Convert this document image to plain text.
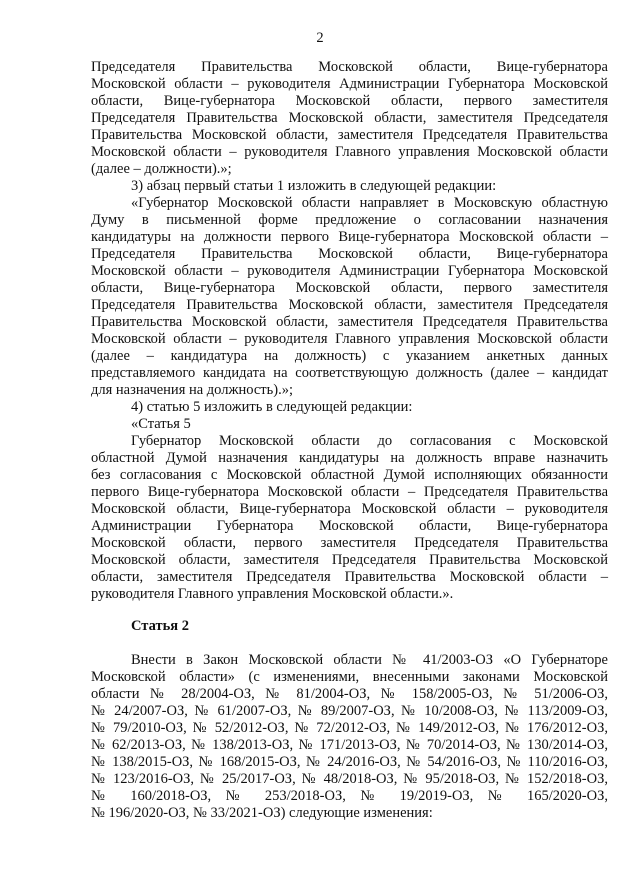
2
Председателя Правительства Московской области, Вице-губернатора
Московской области – руководителя Администрации Губернатора Московской
области, Вице-губернатора Московской области, первого заместителя
Председателя Правительства Московской области, заместителя Председателя
Правительства Московской области, заместителя Председателя Правительства
Московской области – руководителя Главного управления Московской области
(далее – должности).»;
3) абзац первый статьи 1 изложить в следующей редакции:
«Губернатор Московской области направляет в Московскую областную
Думу в письменной форме предложение о согласовании назначения
кандидатуры на должности первого Вице-губернатора Московской области –
Председателя Правительства Московской области, Вице-губернатора
Московской области – руководителя Администрации Губернатора Московской
области, Вице-губернатора Московской области, первого заместителя
Председателя Правительства Московской области, заместителя Председателя
Правительства Московской области, заместителя Председателя Правительства
Московской области – руководителя Главного управления Московской области
(далее – кандидатура на должность) с указанием анкетных данных
представляемого кандидата на соответствующую должность (далее – кандидат
для назначения на должность).»;
4) статью 5 изложить в следующей редакции:
«Статья 5
Губернатор Московской области до согласования с Московской
областной Думой назначения кандидатуры на должность вправе назначить
без согласования с Московской областной Думой исполняющих обязанности
первого Вице-губернатора Московской области – Председателя Правительства
Московской области, Вице-губернатора Московской области – руководителя
Администрации Губернатора Московской области, Вице-губернатора
Московской области, первого заместителя Председателя Правительства
Московской области, заместителя Председателя Правительства Московской
области, заместителя Председателя Правительства Московской области –
руководителя Главного управления Московской области.».
Статья 2
Внести в Закон Московской области № 41/2003-ОЗ «О Губернаторе
Московской области» (с изменениями, внесенными законами Московской
области № 28/2004-ОЗ, № 81/2004-ОЗ, № 158/2005-ОЗ, № 51/2006-ОЗ,
№ 24/2007-ОЗ, № 61/2007-ОЗ, № 89/2007-ОЗ, № 10/2008-ОЗ, № 113/2009-ОЗ,
№ 79/2010-ОЗ, № 52/2012-ОЗ, № 72/2012-ОЗ, № 149/2012-ОЗ, № 176/2012-ОЗ,
№ 62/2013-ОЗ, № 138/2013-ОЗ, № 171/2013-ОЗ, № 70/2014-ОЗ, № 130/2014-ОЗ,
№ 138/2015-ОЗ, № 168/2015-ОЗ, № 24/2016-ОЗ, № 54/2016-ОЗ, № 110/2016-ОЗ,
№ 123/2016-ОЗ, № 25/2017-ОЗ, № 48/2018-ОЗ, № 95/2018-ОЗ, № 152/2018-ОЗ,
№ 160/2018-ОЗ, № 253/2018-ОЗ, № 19/2019-ОЗ, № 165/2020-ОЗ,
№ 196/2020-ОЗ, № 33/2021-ОЗ) следующие изменения:
